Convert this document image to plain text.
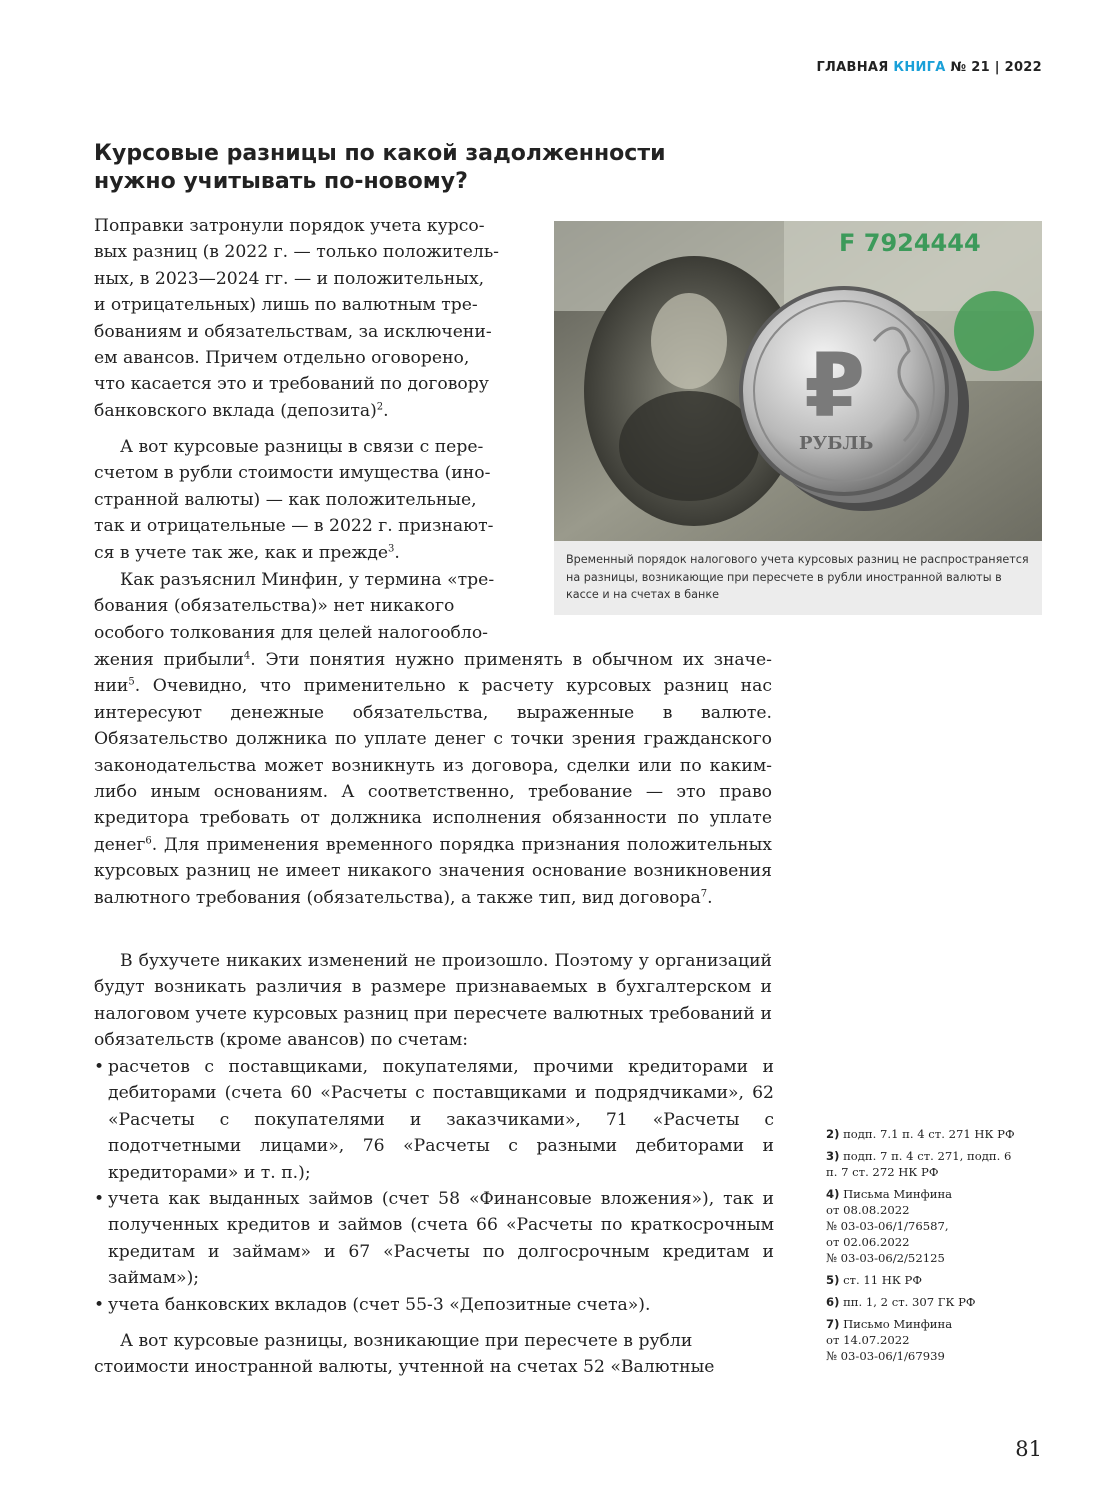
ГЛАВНАЯ КНИГА № 21 | 2022
Курсовые разницы по какой задолженности
нужно учитывать по-новому?

Поправки затронули порядок учета курсо-
вых разниц (в 2022 г. — только положитель-
ных, в 2023—2024 гг. — и положительных,
и отрицательных) лишь по валютным тре-
бованиям и обязательствам, за исключени-
ем авансов. Причем отдельно оговорено,
что касается это и требований по договору
банковского вклада (депозита)$^2$.

А вот курсовые разницы в связи с пере-
счетом в рубли стоимости имущества (ино-
странной валюты) — как положительные,
так и отрицательные — в 2022 г. признают-
ся в учете так же, как и прежде$^3$.

Как разъяснил Минфин, у термина «тре-
бования (обязательства)» нет никакого
особого толкования для целей налогообло-

жения прибыли$^4$. Эти понятия нужно применять в обычном их значе- нии$^5$. Очевидно, что применительно к расчету курсовых разниц нас интересуют денежные обязательства, выраженные в валюте. Обязательство должника по уплате денег с точки зрения гражданского законодательства может возникнуть из договора, сделки или по каким-либо иным основаниям. А соответственно, требование — это право кредитора требовать от должника исполнения обязанности по уплате денег$^6$. Для применения временного порядка признания положительных курсовых разниц не имеет никакого значения основание возникновения валютного требования (обязательства), а также тип, вид договора$^7$.

В бухучете никаких изменений не произошло. Поэтому у организаций будут возникать различия в размере признаваемых в бухгалтерском и налоговом учете курсовых разниц при пересчете валютных требований и обязательств (кроме авансов) по счетам:

• расчетов с поставщиками, покупателями, прочими кредиторами и дебиторами (счета 60 «Расчеты с поставщиками и подрядчиками», 62 «Расчеты с покупателями и заказчиками», 71 «Расчеты с подотчетными лицами», 76 «Расчеты с разными дебиторами и кредиторами» и т. п.);
• учета как выданных займов (счет 58 «Финансовые вложения»), так и полученных кредитов и займов (счета 66 «Расчеты по краткосрочным кредитам и займам» и 67 «Расчеты по долгосрочным кредитам и займам»);
• учета банковских вкладов (счет 55-3 «Депозитные счета»).

А вот курсовые разницы, возникающие при пересчете в рубли
стоимости иностранной валюты, учтенной на счетах 52 «Валютные

F 7924444
₽
РУБЛЬ

Временный порядок налогового учета курсовых разниц не распространяется на разницы, возникающие при пересчете в рубли иностранной валюты в кассе и на счетах в банке

2) подп. 7.1 п. 4 ст. 271 НК РФ
3) подп. 7 п. 4 ст. 271, подп. 6
п. 7 ст. 272 НК РФ
4) Письма Минфина
от 08.08.2022
№ 03-03-06/1/76587,
от 02.06.2022
№ 03-03-06/2/52125
5) ст. 11 НК РФ
6) пп. 1, 2 ст. 307 ГК РФ
7) Письмо Минфина
от 14.07.2022
№ 03-03-06/1/67939
81
